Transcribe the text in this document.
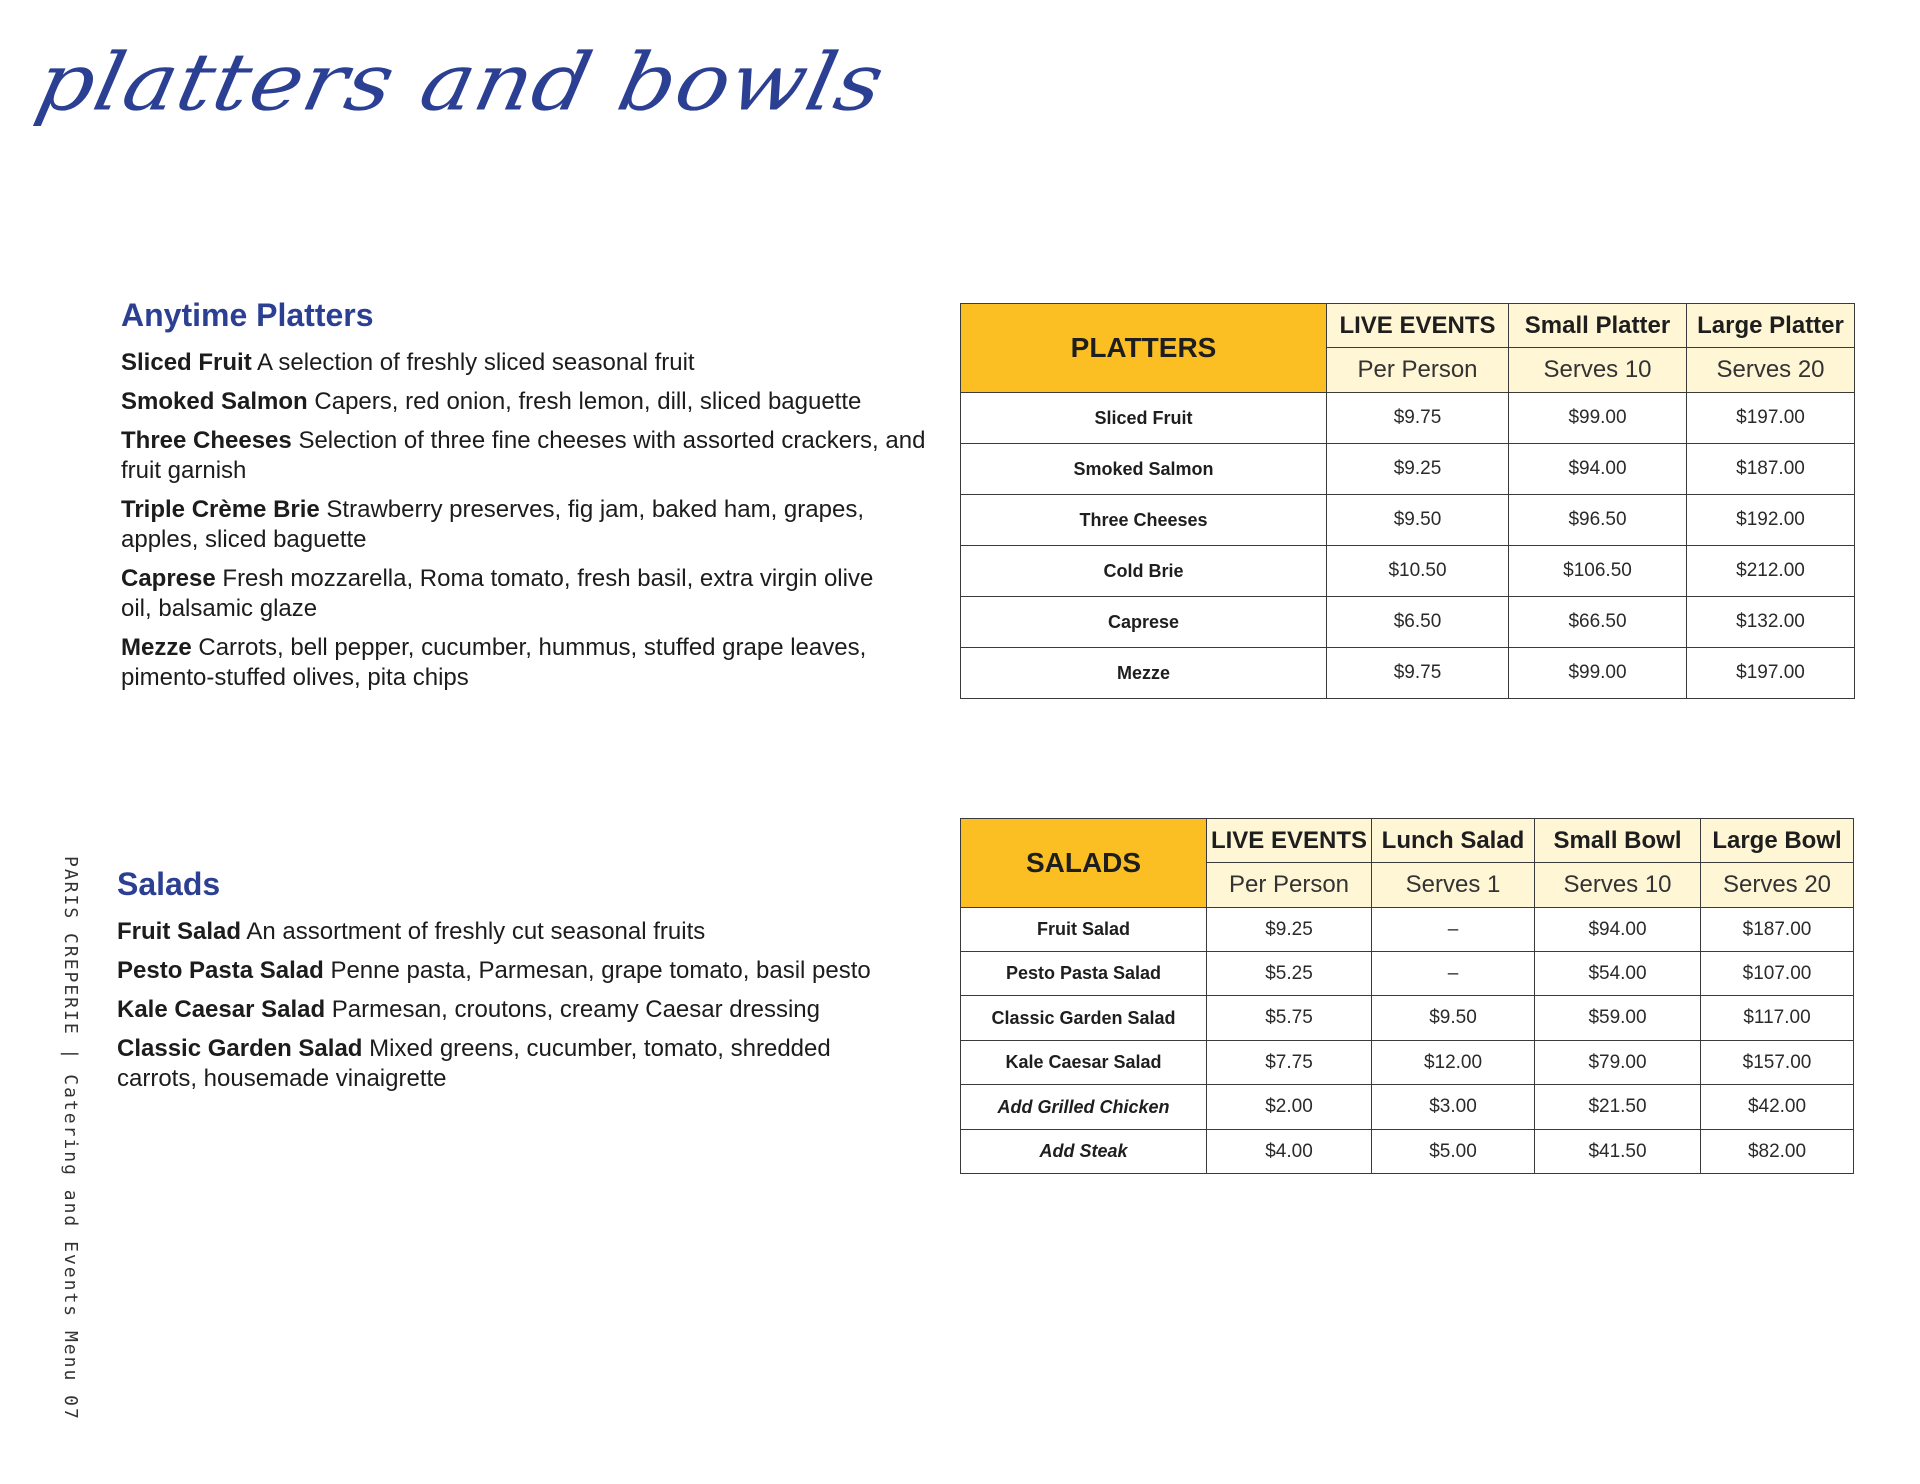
platters and bowls
PARIS CREPERIE | Catering and Events Menu 07
Anytime Platters

Sliced Fruit A selection of freshly sliced seasonal fruit

Smoked Salmon Capers, red onion, fresh lemon, dill, sliced baguette

Three Cheeses Selection of three fine cheeses with assorted crackers, and fruit garnish

Triple Crème Brie Strawberry preserves, fig jam, baked ham, grapes, apples, sliced baguette

Caprese Fresh mozzarella, Roma tomato, fresh basil, extra virgin olive oil, balsamic glaze

Mezze Carrots, bell pepper, cucumber, hummus, stuffed grape leaves, pimento-stuffed olives, pita chips

PLATTERS	LIVE EVENTS	Small Platter	Large Platter
	Per Person	Serves 10	Serves 20
Sliced Fruit	$9.75	$99.00	$197.00
Smoked Salmon	$9.25	$94.00	$187.00
Three Cheeses	$9.50	$96.50	$192.00
Cold Brie	$10.50	$106.50	$212.00
Caprese	$6.50	$66.50	$132.00
Mezze	$9.75	$99.00	$197.00
Salads

Fruit Salad An assortment of freshly cut seasonal fruits

Pesto Pasta Salad Penne pasta, Parmesan, grape tomato, basil pesto

Kale Caesar Salad Parmesan, croutons, creamy Caesar dressing

Classic Garden Salad Mixed greens, cucumber, tomato, shredded carrots, housemade vinaigrette

SALADS	LIVE EVENTS	Lunch Salad	Small Bowl	Large Bowl
	Per Person	Serves 1	Serves 10	Serves 20
Fruit Salad	$9.25	–	$94.00	$187.00
Pesto Pasta Salad	$5.25	–	$54.00	$107.00
Classic Garden Salad	$5.75	$9.50	$59.00	$117.00
Kale Caesar Salad	$7.75	$12.00	$79.00	$157.00
Add Grilled Chicken	$2.00	$3.00	$21.50	$42.00
Add Steak	$4.00	$5.00	$41.50	$82.00
